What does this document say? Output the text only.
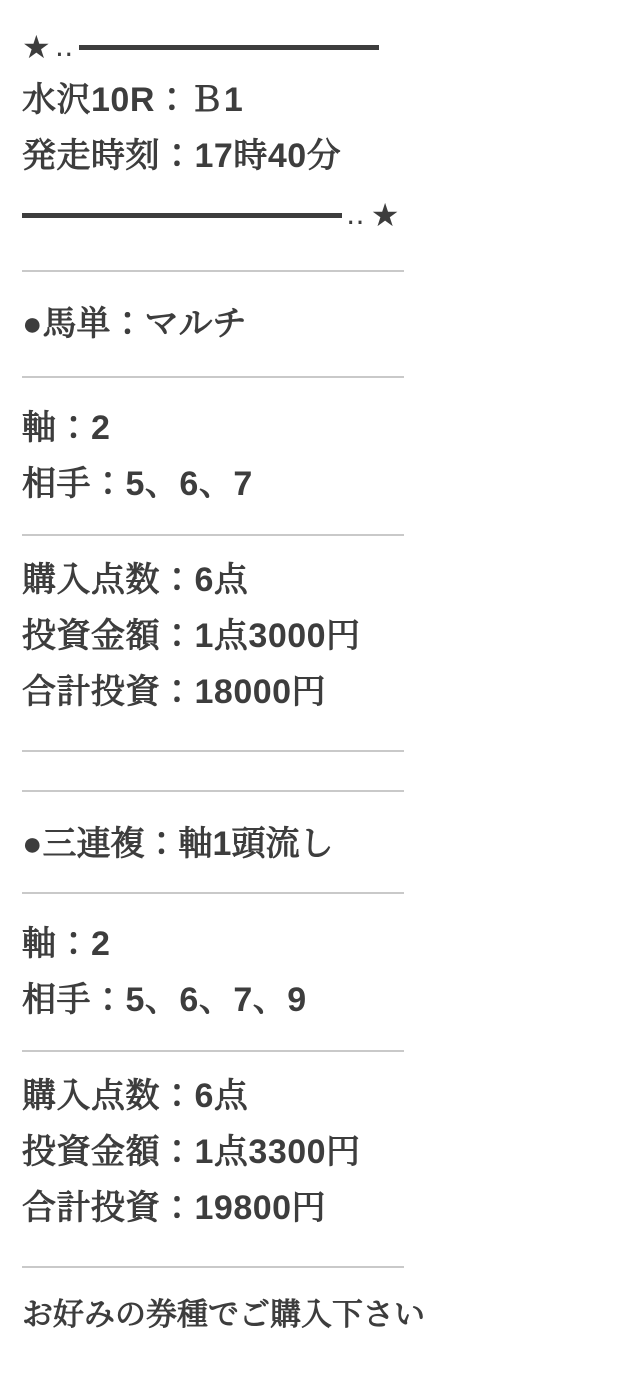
★ ‥
水沢10R：Ｂ1
発走時刻：17時40分
‥ ★
●馬単：マルチ
軸：2
相手：5、6、7
購入点数：6点
投資金額：1点3000円
合計投資：18000円
●三連複：軸1頭流し
軸：2
相手：5、6、7、9
購入点数：6点
投資金額：1点3300円
合計投資：19800円
お好みの券種でご購入下さい
